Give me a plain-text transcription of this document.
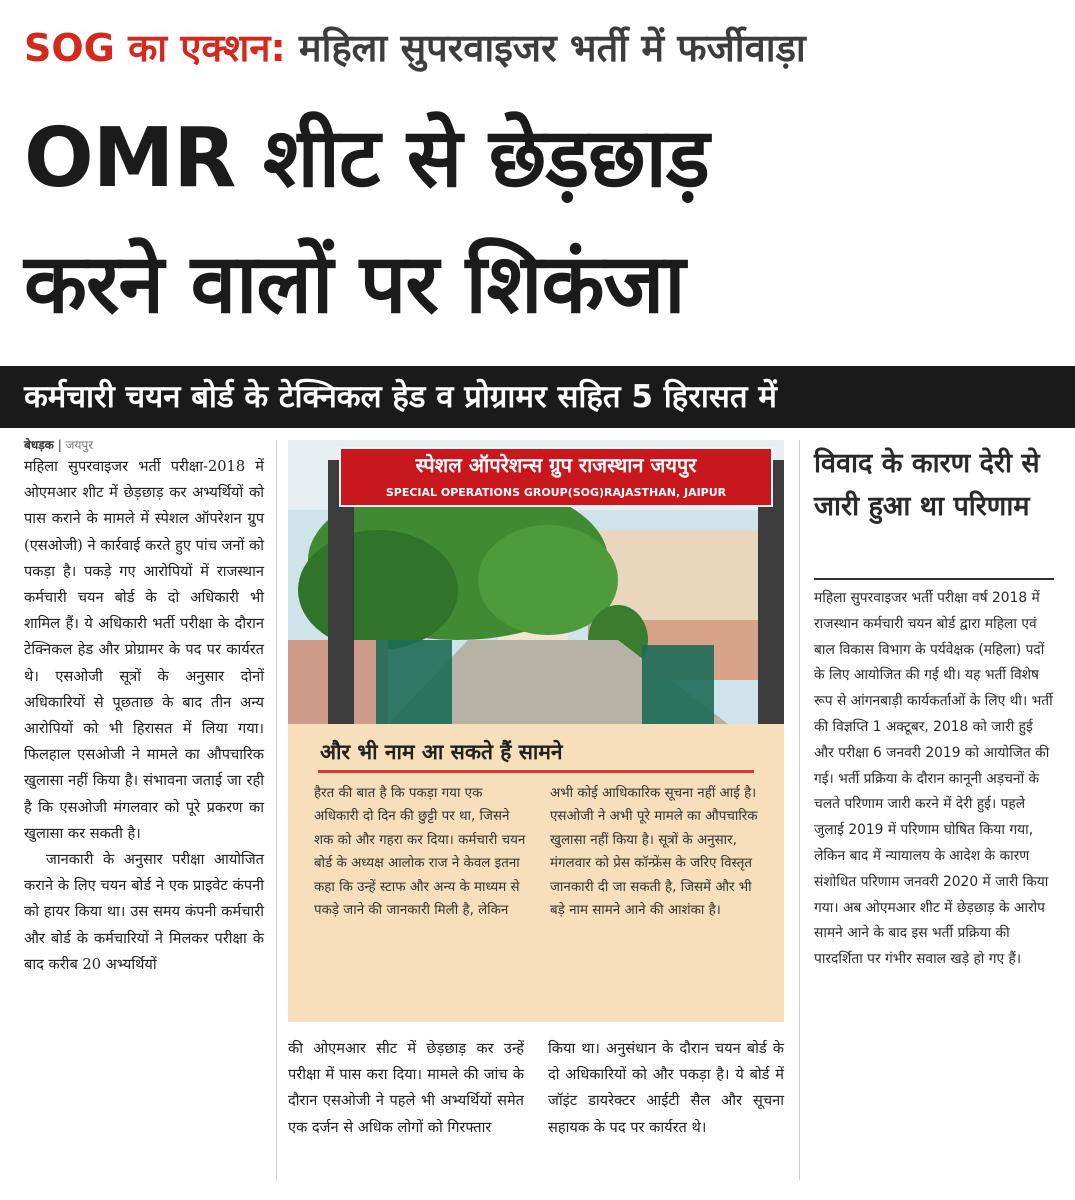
SOG का एक्शन: महिला सुपरवाइजर भर्ती में फर्जीवाड़ा
OMR शीट से छेड़छाड़
करने वालों पर शिकंजा
कर्मचारी चयन बोर्ड के टेक्निकल हेड व प्रोग्रामर सहित 5 हिरासत में
बेधड़क | जयपुर

महिला सुपरवाइजर भर्ती परीक्षा-2018 में ओएमआर शीट में छेड़छाड़ कर अभ्यर्थियों को पास कराने के मामले में स्पेशल ऑपरेशन ग्रुप (एसओजी) ने कार्रवाई करते हुए पांच जनों को पकड़ा है। पकड़े गए आरोपियों में राजस्थान कर्मचारी चयन बोर्ड के दो अधिकारी भी शामिल हैं। ये अधिकारी भर्ती परीक्षा के दौरान टेक्निकल हेड और प्रोग्रामर के पद पर कार्यरत थे। एसओजी सूत्रों के अनुसार दोनों अधिकारियों से पूछताछ के बाद तीन अन्य आरोपियों को भी हिरासत में लिया गया। फिलहाल एसओजी ने मामले का औपचारिक खुलासा नहीं किया है। संभावना जताई जा रही है कि एसओजी मंगलवार को पूरे प्रकरण का खुलासा कर सकती है।

जानकारी के अनुसार परीक्षा आयोजित कराने के लिए चयन बोर्ड ने एक प्राइवेट कंपनी को हायर किया था। उस समय कंपनी कर्मचारी और बोर्ड के कर्मचारियों ने मिलकर परीक्षा के बाद करीब 20 अभ्यर्थियों

स्पेशल ऑपरेशन्स ग्रुप राजस्थान जयपुर
SPECIAL OPERATIONS GROUP(SOG)RAJASTHAN, JAIPUR
और भी नाम आ सकते हैं सामने
हैरत की बात है कि पकड़ा गया एक अधिकारी दो दिन की छुट्टी पर था, जिसने शक को और गहरा कर दिया। कर्मचारी चयन बोर्ड के अध्यक्ष आलोक राज ने केवल इतना कहा कि उन्हें स्टाफ और अन्य के माध्यम से पकड़े जाने की जानकारी मिली है, लेकिन
अभी कोई आधिकारिक सूचना नहीं आई है। एसओजी ने अभी पूरे मामले का औपचारिक खुलासा नहीं किया है। सूत्रों के अनुसार, मंगलवार को प्रेस कॉन्फ्रेंस के जरिए विस्तृत जानकारी दी जा सकती है, जिसमें और भी बड़े नाम सामने आने की आशंका है।
की ओएमआर सीट में छेड़छाड़ कर उन्हें परीक्षा में पास करा दिया। मामले की जांच के दौरान एसओजी ने पहले भी अभ्यर्थियों समेत एक दर्जन से अधिक लोगों को गिरफ्तार
किया था। अनुसंधान के दौरान चयन बोर्ड के दो अधिकारियों को और पकड़ा है। ये बोर्ड में जॉइंट डायरेक्टर आईटी सैल और सूचना सहायक के पद पर कार्यरत थे।
विवाद के कारण देरी से जारी हुआ था परिणाम
महिला सुपरवाइजर भर्ती परीक्षा वर्ष 2018 में राजस्थान कर्मचारी चयन बोर्ड द्वारा महिला एवं बाल विकास विभाग के पर्यवेक्षक (महिला) पदों के लिए आयोजित की गई थी। यह भर्ती विशेष रूप से आंगनबाड़ी कार्यकर्ताओं के लिए थी। भर्ती की विज्ञप्ति 1 अक्टूबर, 2018 को जारी हुई और परीक्षा 6 जनवरी 2019 को आयोजित की गई। भर्ती प्रक्रिया के दौरान कानूनी अड़चनों के चलते परिणाम जारी करने में देरी हुई। पहले जुलाई 2019 में परिणाम घोषित किया गया, लेकिन बाद में न्यायालय के आदेश के कारण संशोधित परिणाम जनवरी 2020 में जारी किया गया। अब ओएमआर शीट में छेड़छाड़ के आरोप सामने आने के बाद इस भर्ती प्रक्रिया की पारदर्शिता पर गंभीर सवाल खड़े हो गए हैं।
